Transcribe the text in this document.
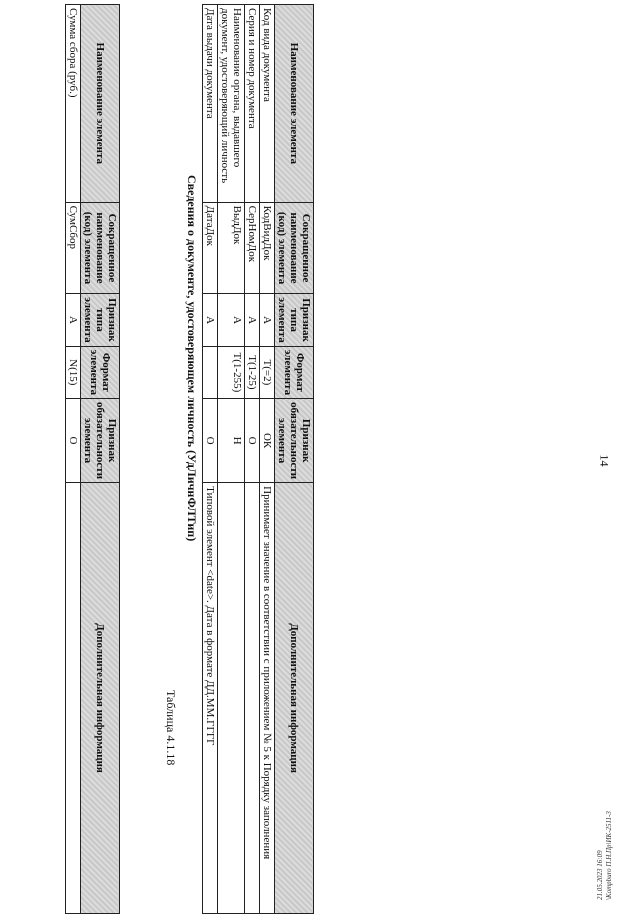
14
21.05.2023 16:09 \Kompburo П.Н.Пр\ИК-2511-3
Наименование элемента	Сокращенное наименование (код) элемента	Признак типа элемента	Формат элемента	Признак обязательности элемента	Дополнительная информация
Сумма сбора (руб.)	СумСбор	А	N(15)	О	
Таблица 4.1.18
Сведения о документе, удостоверяющем личность (УдЛичнФЛТип)
Наименование элемента	Сокращенное наименование (код) элемента	Признак типа элемента	Формат элемента	Признак обязательности элемента	Дополнительная информация
Код вида документа	КодВидДок	А	T(=2)	ОК	Принимает значение в соответствии с приложением № 5 к Порядку заполнения
Серия и номер документа	СерНомДок	А	T(1-25)	О	
Наименование органа, выдавшего документ, удостоверяющий личность	ВыдДок	А	T(1-255)	Н	
Дата выдачи документа	ДатаДок	А		О	Типовой элемент <date>. Дата в формате ДД.ММ.ГГГГ
